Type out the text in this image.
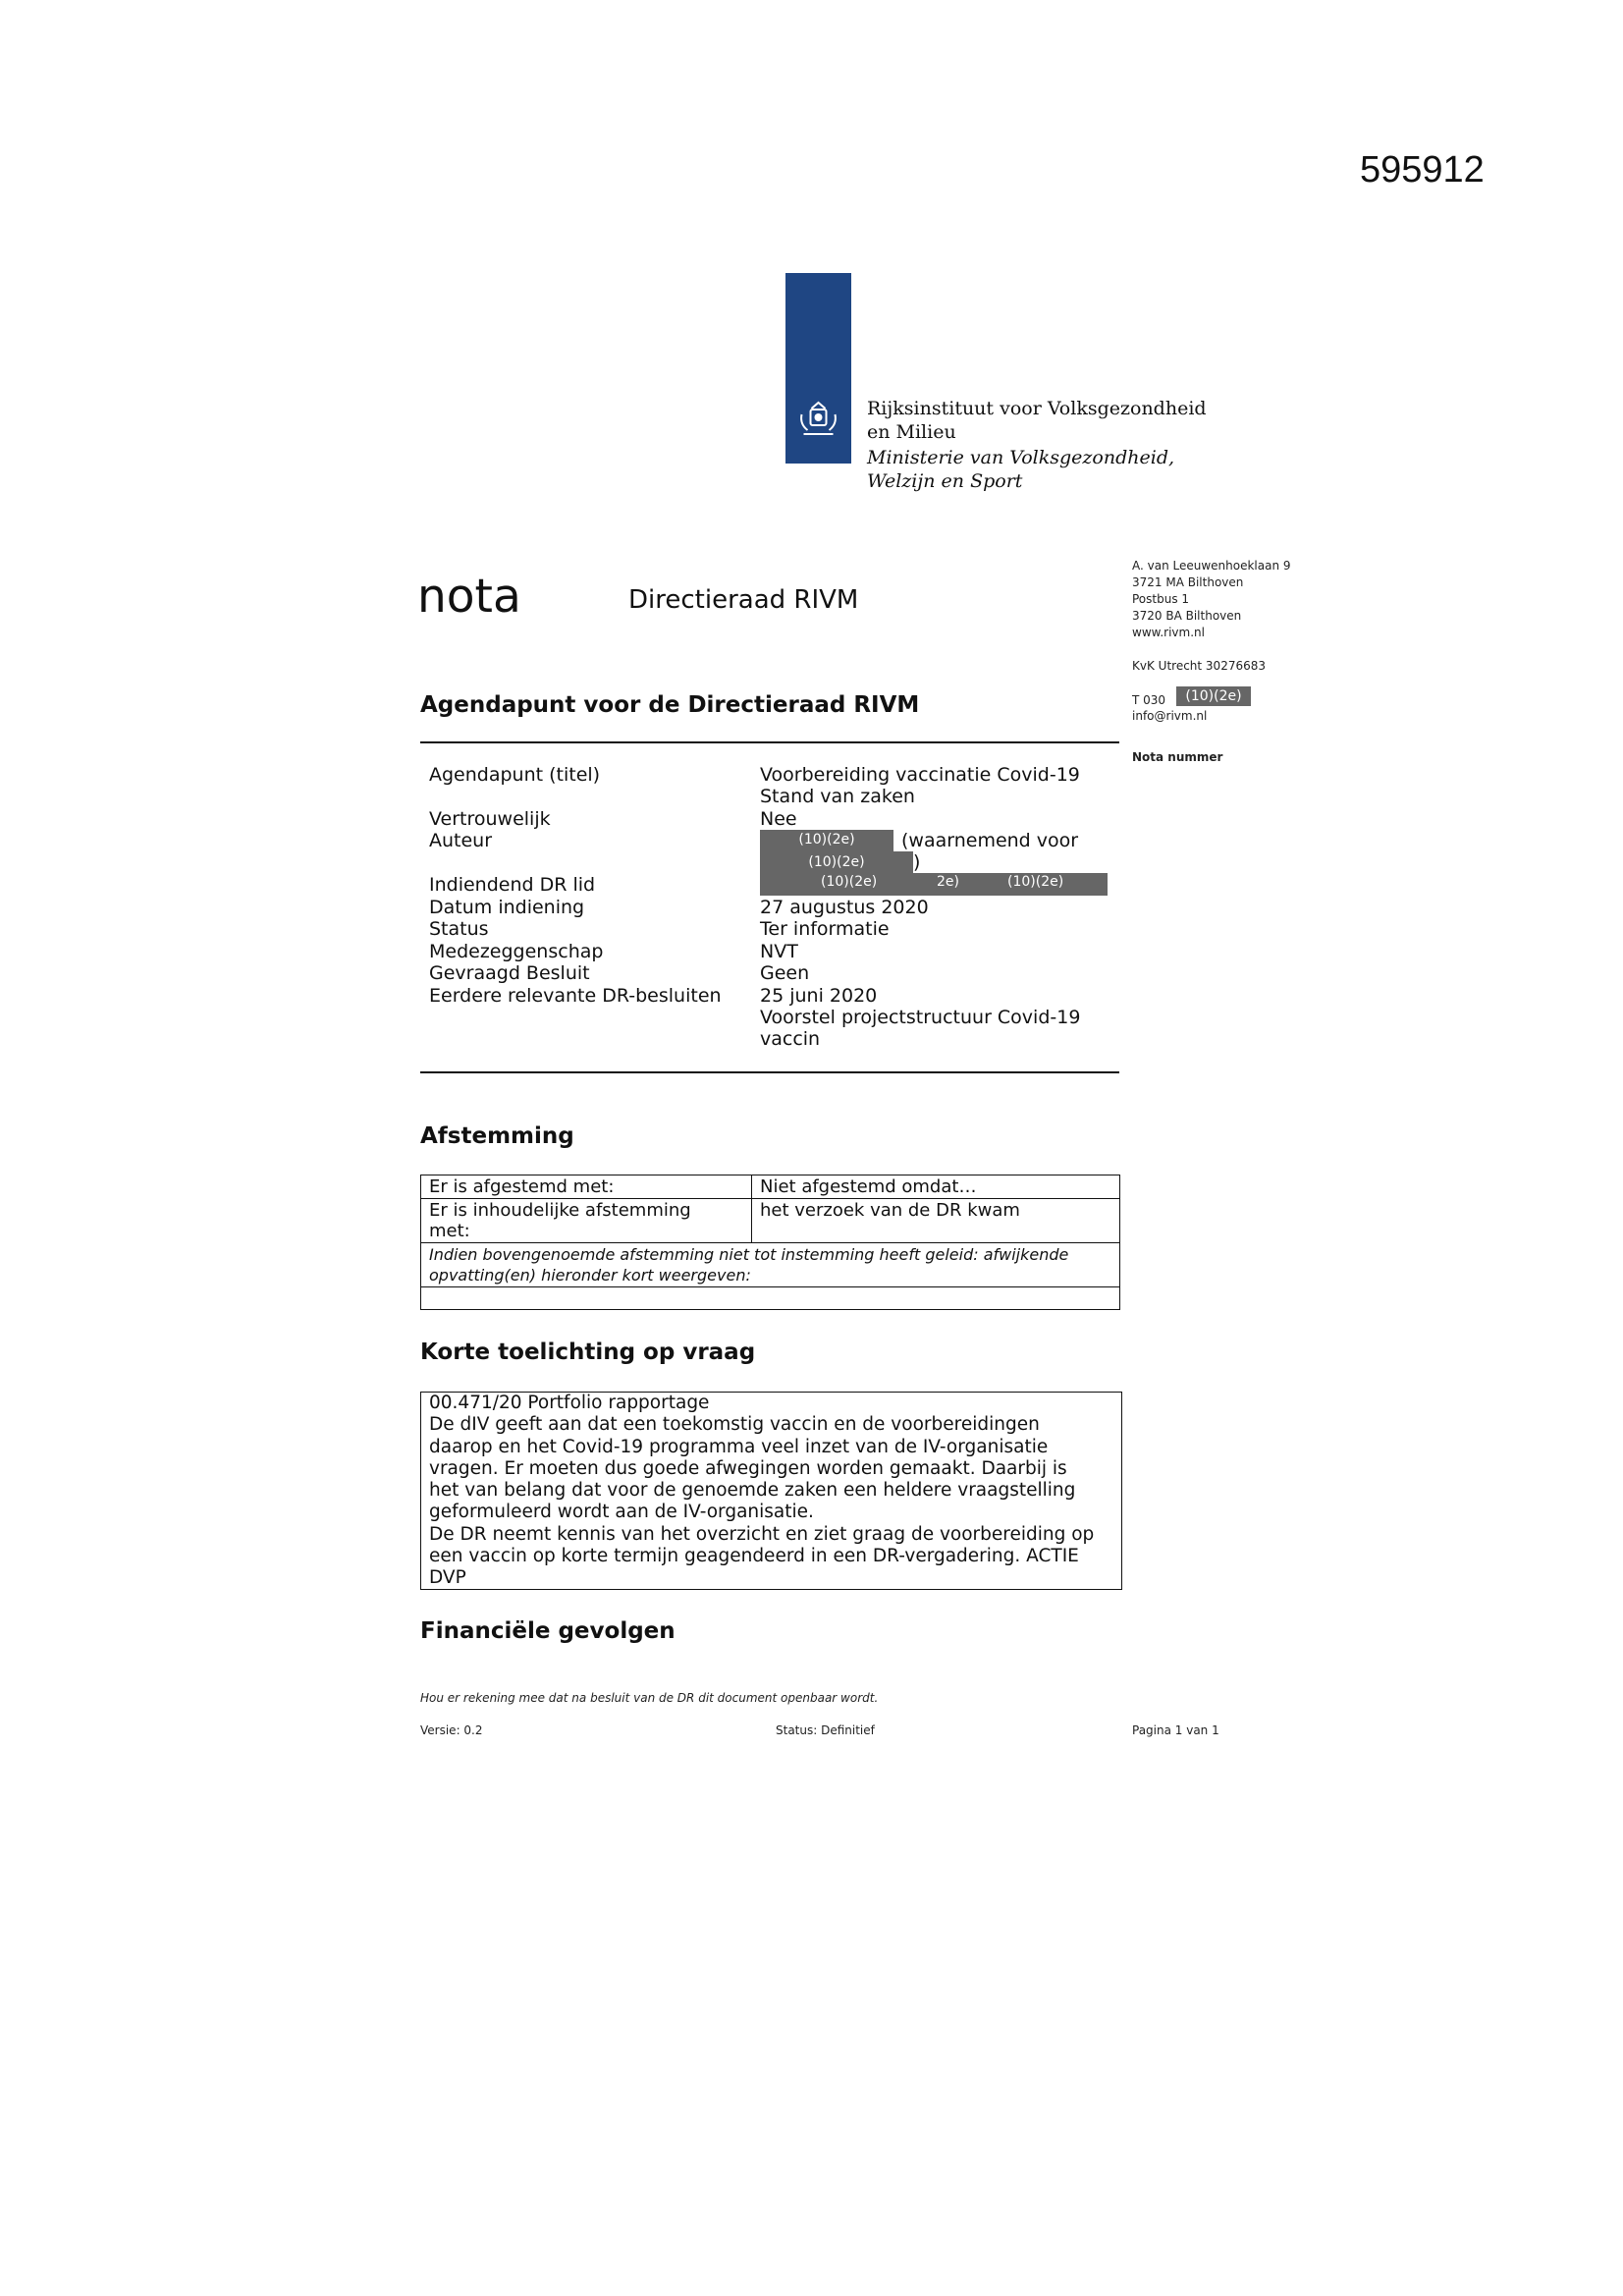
595912
Rijksinstituut voor Volksgezondheid
en Milieu
Ministerie van Volksgezondheid,
Welzijn en Sport
nota	Directieraad RIVM
A. van Leeuwenhoeklaan 9
3721 MA Bilthoven
Postbus 1
3720 BA Bilthoven
www.rivm.nl
KvK Utrecht 30276683
T 030	(10)(2e)
info@rivm.nl
Nota nummer
Agendapunt voor de Directieraad RIVM
Agendapunt (titel)	Voorbereiding vaccinatie Covid-19
Stand van zaken
Vertrouwelijk	Nee
Auteur	(10)(2e)	(waarnemend voor
(10)(2e)	)
Indiendend DR lid	(10)(2e)	2e)	(10)(2e)
Datum indiening	27 augustus 2020
Status	Ter informatie
Medezeggenschap	NVT
Gevraagd Besluit	Geen
Eerdere relevante DR-besluiten 25 juni 2020
Voorstel projectstructuur Covid-19
vaccin
Afstemming
Er is afgestemd met:	Niet afgestemd omdat…
Er is inhoudelijke afstemming
met:	het verzoek van de DR kwam
Indien bovengenoemde afstemming niet tot instemming heeft geleid: afwijkende
opvatting(en) hieronder kort weergeven:	

Korte toelichting op vraag
00.471/20 Portfolio rapportage
De dIV geeft aan dat een toekomstig vaccin en de voorbereidingen
daarop en het Covid-19 programma veel inzet van de IV-organisatie
vragen. Er moeten dus goede afwegingen worden gemaakt. Daarbij is
het van belang dat voor de genoemde zaken een heldere vraagstelling
geformuleerd wordt aan de IV-organisatie.
De DR neemt kennis van het overzicht en ziet graag de voorbereiding op
een vaccin op korte termijn geagendeerd in een DR-vergadering. ACTIE
DVP
Financiële gevolgen
Hou er rekening mee dat na besluit van de DR dit document openbaar wordt.
Versie: 0.2	Status: Definitief	Pagina 1 van 1
